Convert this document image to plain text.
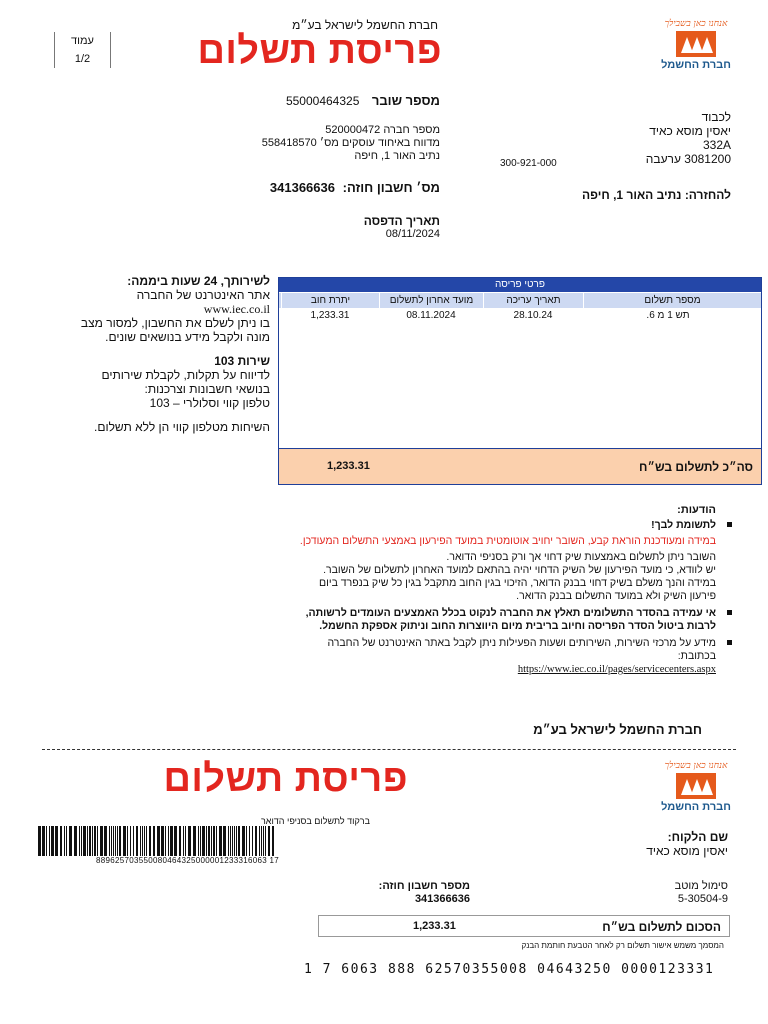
חברת החשמל לישראל בע״מ
פריסת תשלום
עמוד
1/2
אנחנו כאן בשבילך
חברת החשמל
מספר שובר 55000464325
מספר חברה 520000472
מדווח באיחוד עוסקים מס׳ 558418570
נתיב האור 1, חיפה
לכבוד
יאסין מוסא כאיד
332A
3081200 ערעבה
300-921-000
להחזרה: נתיב האור 1, חיפה
מס׳ חשבון חוזה: 341366636
תאריך הדפסה
08/11/2024
לשירותך, 24 שעות ביממה:
אתר האינטרנט של החברה
www.iec.co.il
בו ניתן לשלם את החשבון, למסור מצב מונה ולקבל מידע בנושאים שונים.
שירות 103
לדיווח על תקלות, לקבלת שירותים בנושאי חשבונות וצרכנות:
טלפון קווי וסלולרי – 103
השיחות מטלפון קווי הן ללא תשלום.
פרטי פריסה
מספר תשלום
תאריך עריכה
מועד אחרון לתשלום
יתרת חוב
תש 1 מ 6.
28.10.24
08.11.2024
1,233.31
סה״כ לתשלום בש״ח
1,233.31
הודעות:
לתשומת לבך!
במידה ומעודכנת הוראת קבע, השובר יחויב אוטומטית במועד הפירעון באמצעי התשלום המעודכן.
השובר ניתן לתשלום באמצעות שיק דחוי אך ורק בסניפי הדואר.
יש לוודא, כי מועד הפירעון של השיק הדחוי יהיה בהתאם למועד האחרון לתשלום של השובר.
במידה והנך משלם בשיק דחוי בבנק הדואר, הזיכוי בגין החוב מתקבל בגין כל שיק בנפרד ביום פירעון השיק ולא במועד התשלום בבנק הדואר.
אי עמידה בהסדר התשלומים תאלץ את החברה לנקוט בכלל האמצעים העומדים לרשותה, לרבות ביטול הסדר הפריסה וחיוב בריבית מיום היווצרות החוב וניתוק אספקת החשמל.
מידע על מרכזי השירות, השירותים ושעות הפעילות ניתן לקבל באתר האינטרנט של החברה בכתובת:
https://www.iec.co.il/pages/servicecenters.aspx
חברת החשמל לישראל בע״מ
פריסת תשלום	אנחנו כאן בשבילך
חברת החשמל
ברקוד לתשלום בסניפי הדואר
889625703550080464325000001233316063 17
שם הלקוח:
יאסין מוסא כאיד
סימול מוטב
5-30504-9
מספר חשבון חוזה:
341366636
הסכום לתשלום בש״ח
1,233.31
המסמך משמש אישור תשלום רק לאחר הטבעת חותמת הבנק
1 7 6063 888 62570355008 04643250 0000123331
